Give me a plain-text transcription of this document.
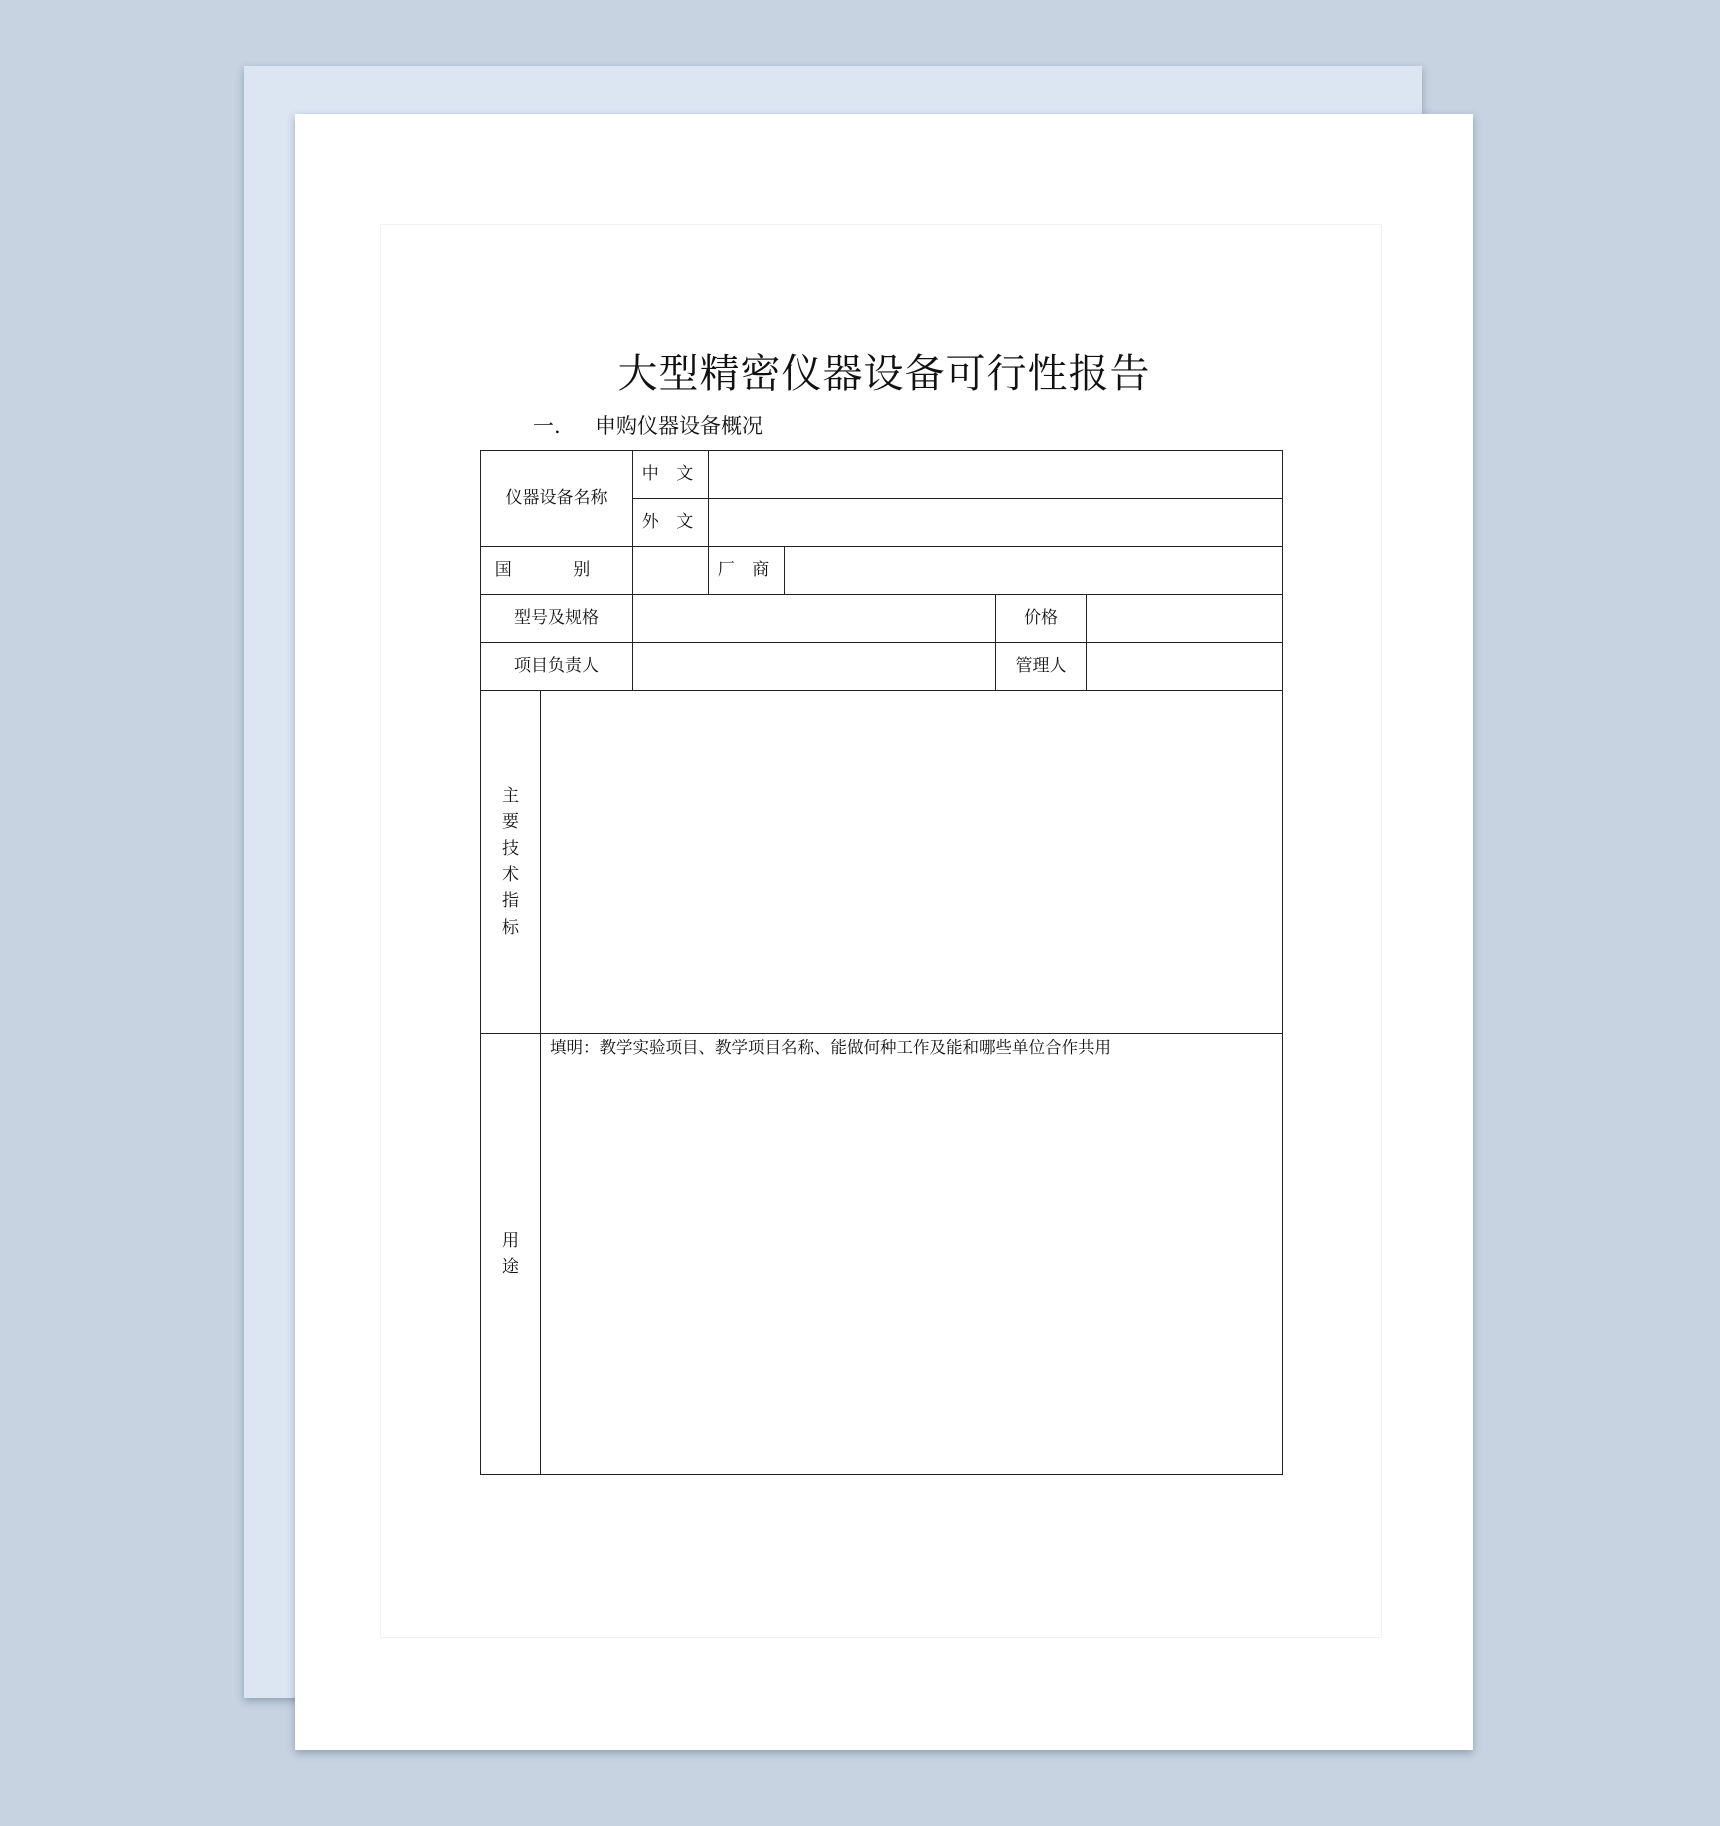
大型精密仪器设备可行性报告
一. 申购仪器设备概况
仪器设备名称		中 文				
		外 文				
国 别			厂 商			
型号及规格					价格	
项目负责人					管理人	
主要技术指标						
用途	填明：教学实验项目、教学项目名称、能做何种工作及能和哪些单位合作共用					
